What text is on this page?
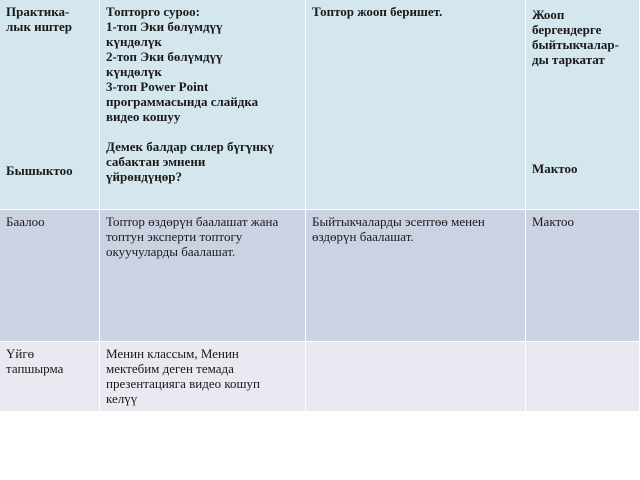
Практика-
лык иштер
Бышыктоо
Топторго суроо:
1-топ Эки бөлүмдүү
күндөлүк
2-топ Эки бөлүмдүү
күндөлүк
3-топ Power Point
программасында слайдка
видео кошуу
Демек балдар силер бүгүнкү
сабактан эмнени
үйрөндүңөр?
Топтор жооп беришет.	Жооп
бергендерге
быйтыкчалар-
ды таркатат
Мактоо
Баалоо	Топтор өздөрүн баалашат жана
топтун эксперти топтогу
окуучуларды баалашат.
Быйтыкчаларды эсептөө менен
өздөрүн баалашат.
Мактоо
Үйгө
тапшырма
Менин классым, Менин
мектебим деген темада
презентацияга видео кошуп
келүү
